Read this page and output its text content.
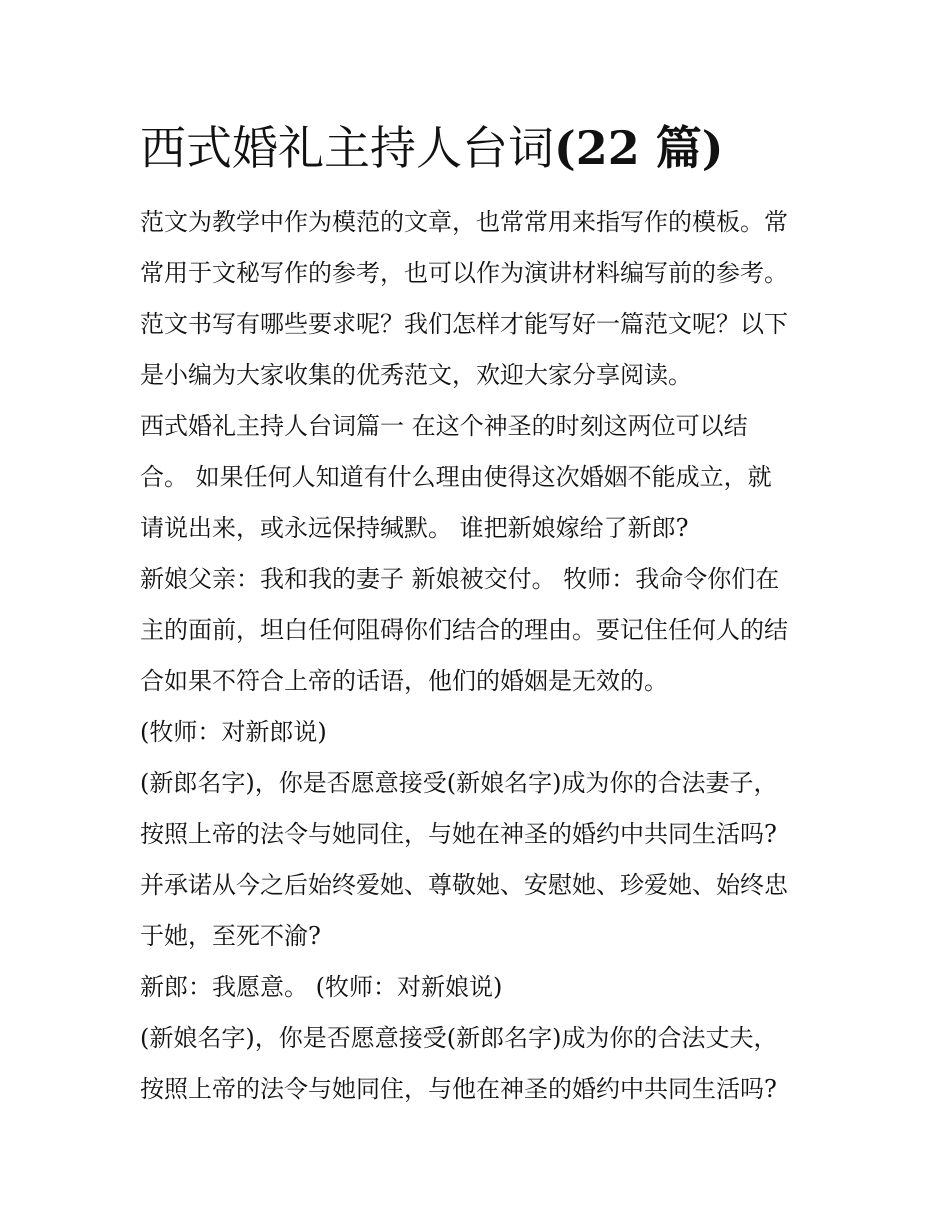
西式婚礼主持人台词(22 篇)

范文为教学中作为模范的文章，也常常用来指写作的模板。常

常用于文秘写作的参考，也可以作为演讲材料编写前的参考。

范文书写有哪些要求呢？我们怎样才能写好一篇范文呢？以下

是小编为大家收集的优秀范文，欢迎大家分享阅读。

西式婚礼主持人台词篇一 在这个神圣的时刻这两位可以结

合。 如果任何人知道有什么理由使得这次婚姻不能成立，就

请说出来，或永远保持缄默。 谁把新娘嫁给了新郎?

新娘父亲：我和我的妻子 新娘被交付。 牧师：我命令你们在

主的面前，坦白任何阻碍你们结合的理由。要记住任何人的结

合如果不符合上帝的话语，他们的婚姻是无效的。

(牧师：对新郎说)

(新郎名字)，你是否愿意接受(新娘名字)成为你的合法妻子，

按照上帝的法令与她同住，与她在神圣的婚约中共同生活吗?

并承诺从今之后始终爱她、尊敬她、安慰她、珍爱她、始终忠

于她，至死不渝?

新郎：我愿意。 (牧师：对新娘说)

(新娘名字)，你是否愿意接受(新郎名字)成为你的合法丈夫，

按照上帝的法令与她同住，与他在神圣的婚约中共同生活吗?
